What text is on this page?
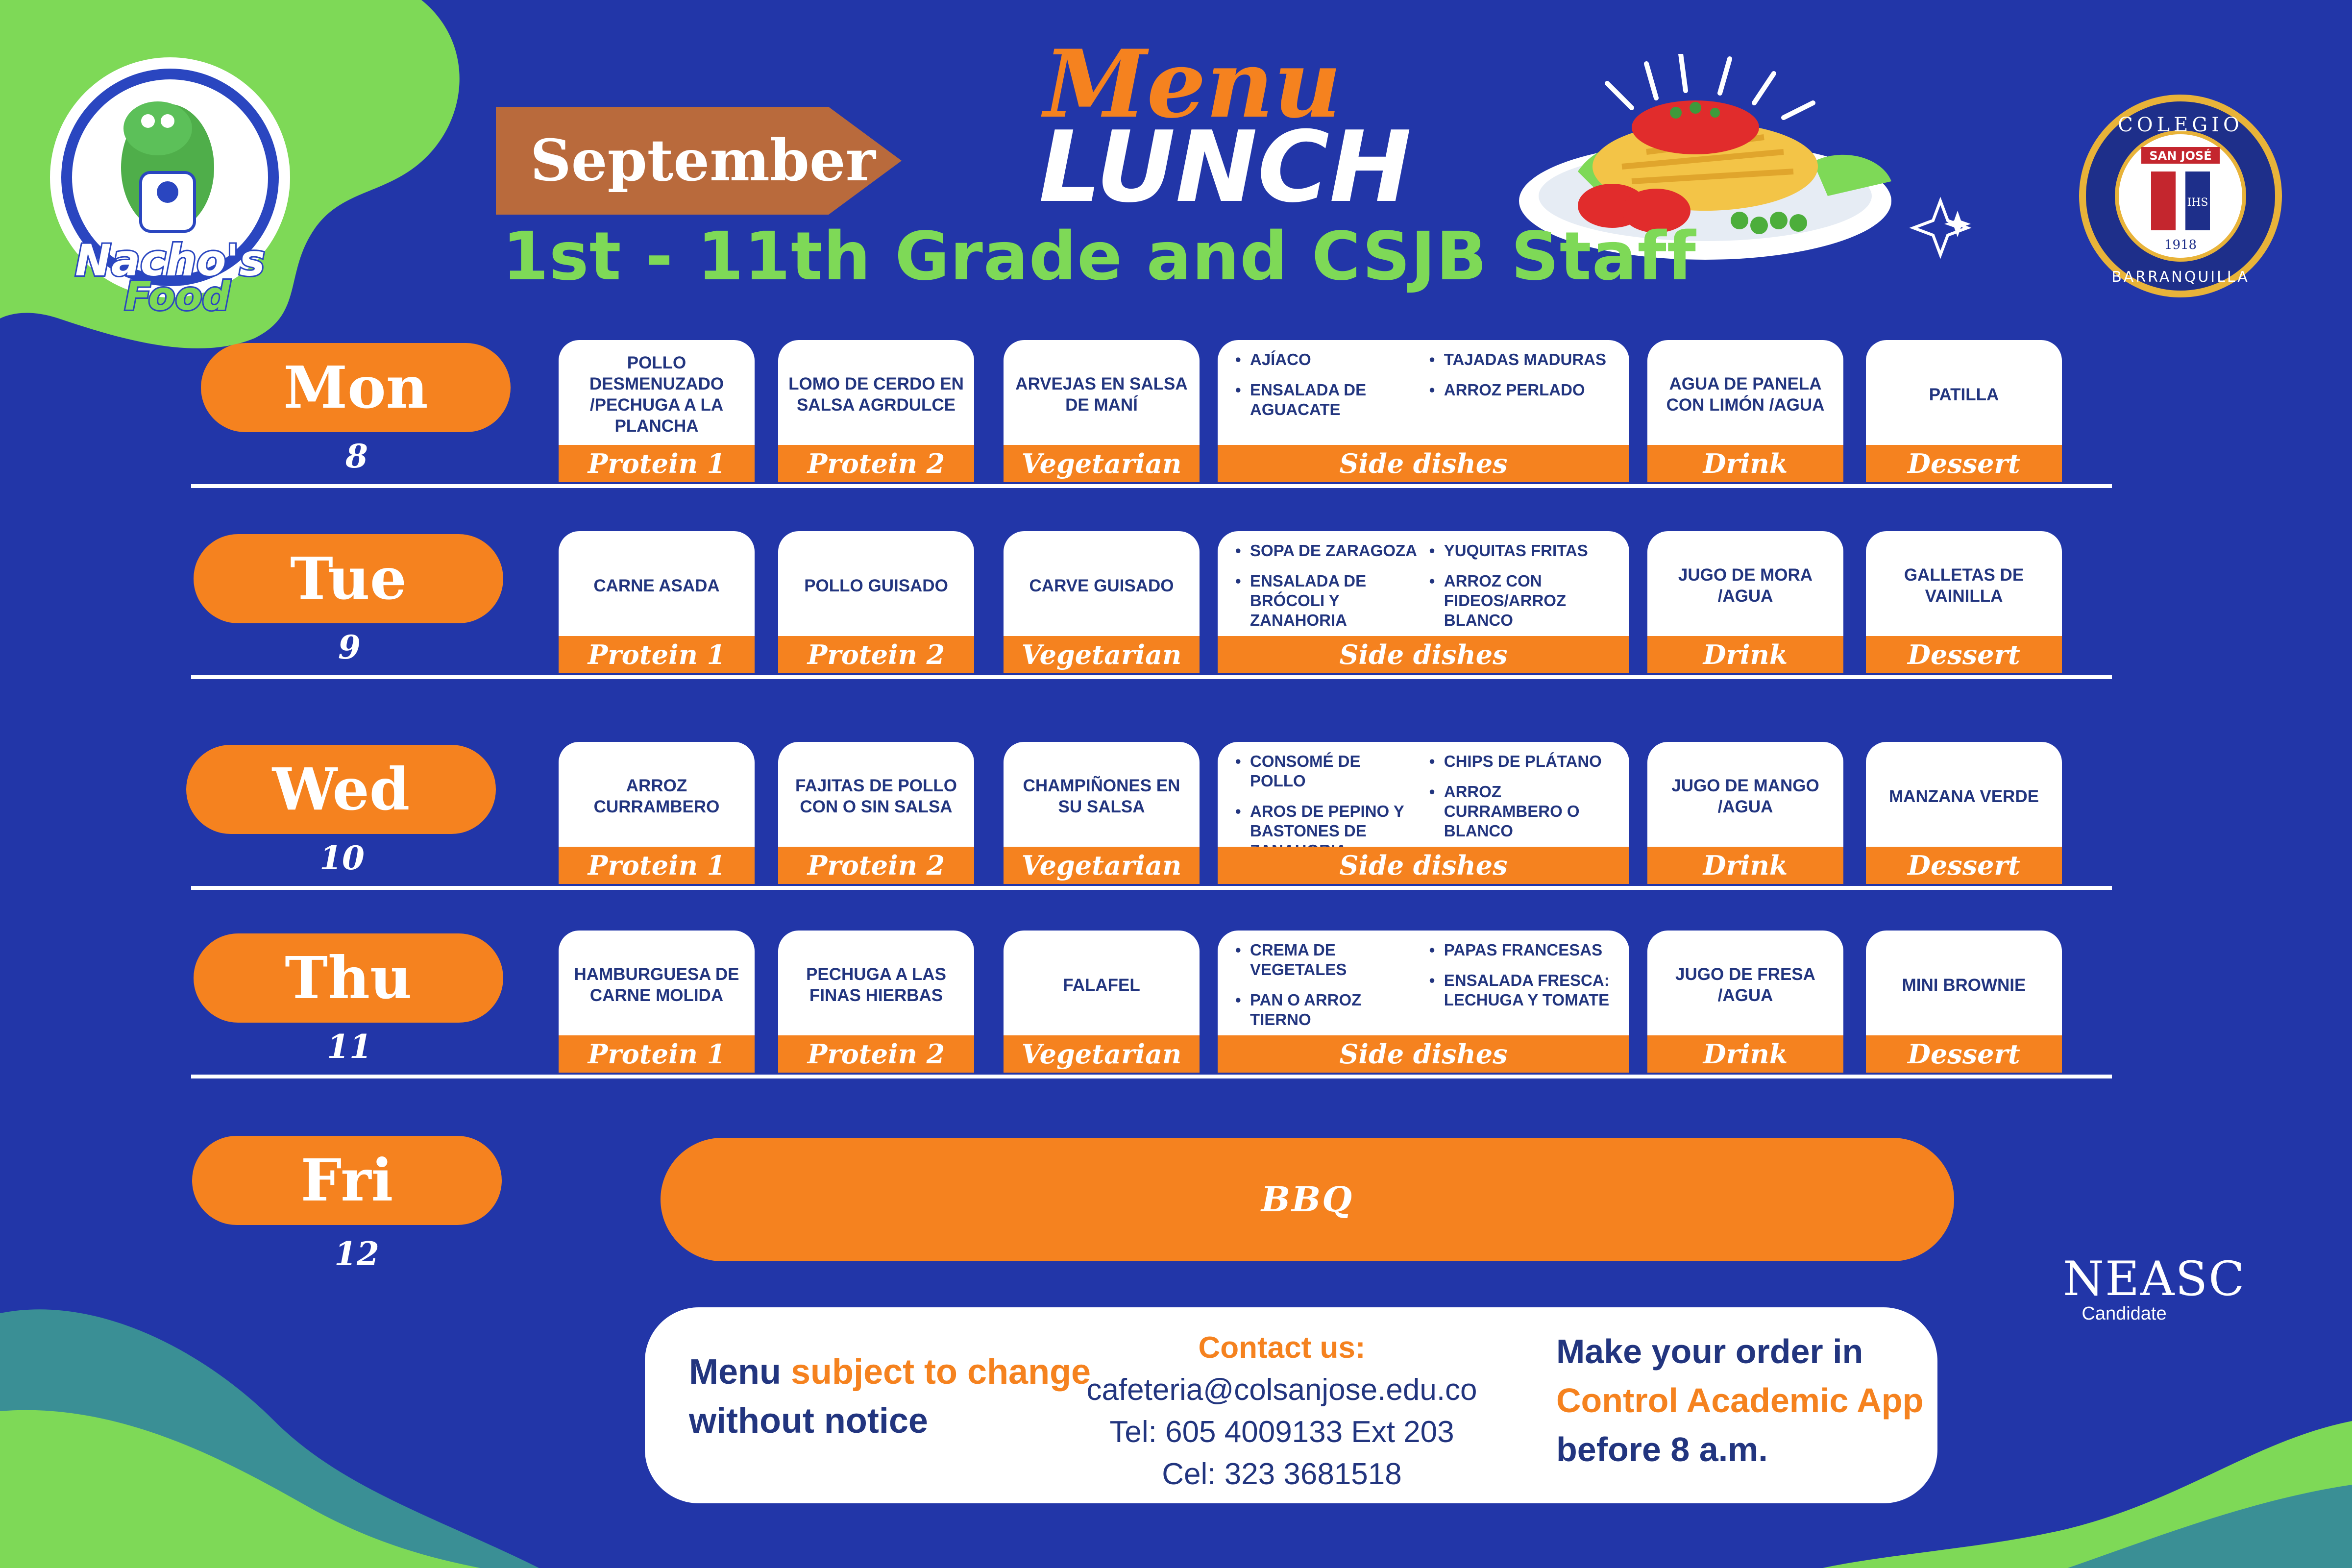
Nacho's
Food
COLEGIO
SAN JOSÉ
IHS
1918
BARRANQUILLA
September
Menu
LUNCH
1st - 11th Grade and CSJB Staff
Mon
8
POLLO DESMENUZADO /PECHUGA A LA PLANCHA
Protein 1
LOMO DE CERDO EN SALSA AGRDULCE
Protein 2
ARVEJAS EN SALSA DE MANÍ
Vegetarian
• AJÍACO
• ENSALADA DE AGUACATE
• TAJADAS MADURAS
• ARROZ PERLADO
Side dishes
AGUA DE PANELA CON LIMÓN /AGUA
Drink
PATILLA
Dessert
Tue
9
CARNE ASADA
Protein 1
POLLO GUISADO
Protein 2
CARVE GUISADO
Vegetarian
• SOPA DE ZARAGOZA
• ENSALADA DE BRÓCOLI Y ZANAHORIA
• YUQUITAS FRITAS
• ARROZ CON FIDEOS/ARROZ BLANCO
Side dishes
JUGO DE MORA /AGUA
Drink
GALLETAS DE VAINILLA
Dessert
Wed
10
ARROZ CURRAMBERO
Protein 1
FAJITAS DE POLLO CON O SIN SALSA
Protein 2
CHAMPIÑONES EN SU SALSA
Vegetarian
• CONSOMÉ DE POLLO
• AROS DE PEPINO Y BASTONES DE
• CHIPS DE PLÁTANO
• ARROZ CURRAMBERO O BLANCO
Side dishes
JUGO DE MANGO /AGUA
Drink
MANZANA VERDE
Dessert
Thu
11
HAMBURGUESA DE CARNE MOLIDA
Protein 1
PECHUGA A LAS FINAS HIERBAS
Protein 2
FALAFEL
Vegetarian
• CREMA DE VEGETALES
• PAN O ARROZ TIERNO
• PAPAS FRANCESAS
• ENSALADA FRESCA: LECHUGA Y TOMATE
Side dishes
JUGO DE FRESA /AGUA
Drink
MINI BROWNIE
Dessert
Fri
12
BBQ
Menu subject to change
without notice
Contact us:
cafeteria@colsanjose.edu.co
Tel: 605 4009133 Ext 203
Cel: 323 3681518
Make your order in
Control Academic App
before 8 a.m.
NEASC
Candidate
